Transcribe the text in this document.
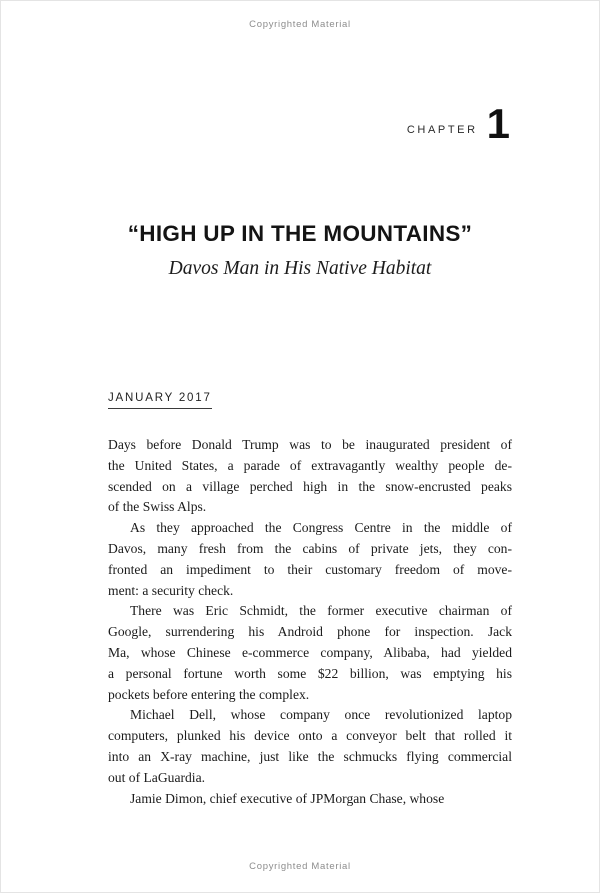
Copyrighted Material
CHAPTER 1
“HIGH UP IN THE MOUNTAINS”
Davos Man in His Native Habitat
JANUARY 2017
Days before Donald Trump was to be inaugurated president of
the United States, a parade of extravagantly wealthy people de-
scended on a village perched high in the snow-encrusted peaks
of the Swiss Alps.
As they approached the Congress Centre in the middle of
Davos, many fresh from the cabins of private jets, they con-
fronted an impediment to their customary freedom of move-
ment: a security check.
There was Eric Schmidt, the former executive chairman of
Google, surrendering his Android phone for inspection. Jack
Ma, whose Chinese e-commerce company, Alibaba, had yielded
a personal fortune worth some $22 billion, was emptying his
pockets before entering the complex.
Michael Dell, whose company once revolutionized laptop
computers, plunked his device onto a conveyor belt that rolled it
into an X-ray machine, just like the schmucks flying commercial
out of LaGuardia.
Jamie Dimon, chief executive of JPMorgan Chase, whose
Copyrighted Material
